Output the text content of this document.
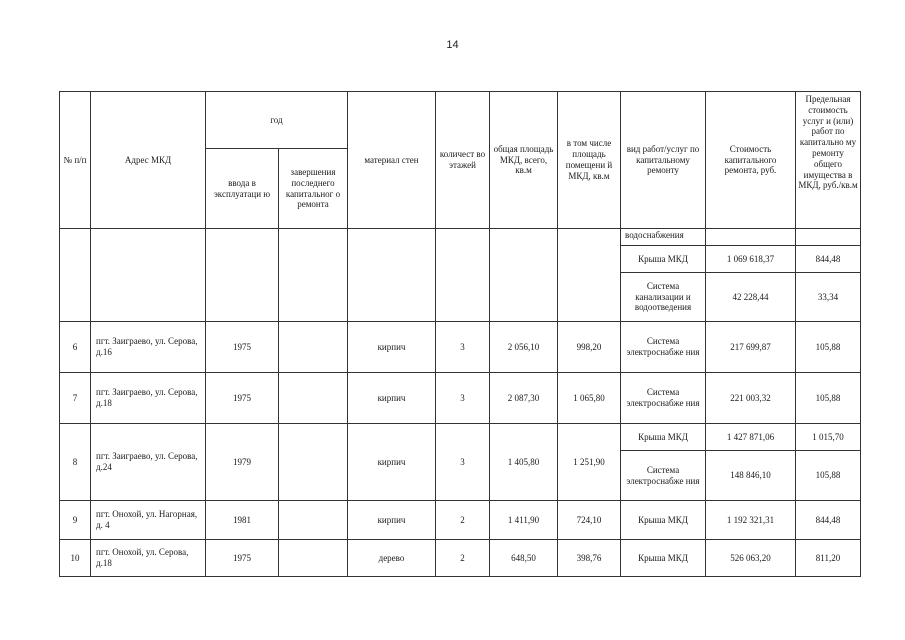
14
№ п/п	Адрес МКД	год		материал стен	количест во этажей	общая площадь МКД, всего, кв.м	в том числе площадь помещени й МКД, кв.м	вид работ/услуг по капитальному ремонту	Стоимость капитального ремонта, руб.	Предельная стоимость услуг и (или) работ по капитально му ремонту общего имущества в МКД, руб./кв.м
		ввода в эксплуатаци ю	завершения последнего капитальног о ремонта							
								водоснабжения		
								Крыша МКД	1 069 618,37	844,48
								Система канализации и водоотведения	42 228,44	33,34
6	пгт. Заиграево, ул. Серова, д.16	1975		кирпич	3	2 056,10	998,20	Система электроснабже ния	217 699,87	105,88
7	пгт. Заиграево, ул. Серова, д.18	1975		кирпич	3	2 087,30	1 065,80	Система электроснабже ния	221 003,32	105,88
8	пгт. Заиграево, ул. Серова, д.24	1979		кирпич	3	1 405,80	1 251,90	Крыша МКД	1 427 871,06	1 015,70
								Система электроснабже ния	148 846,10	105,88
9	пгт. Онохой, ул. Нагорная, д. 4	1981		кирпич	2	1 411,90	724,10	Крыша МКД	1 192 321,31	844,48
10	пгт. Онохой, ул. Серова, д.18	1975		дерево	2	648,50	398,76	Крыша МКД	526 063,20	811,20
